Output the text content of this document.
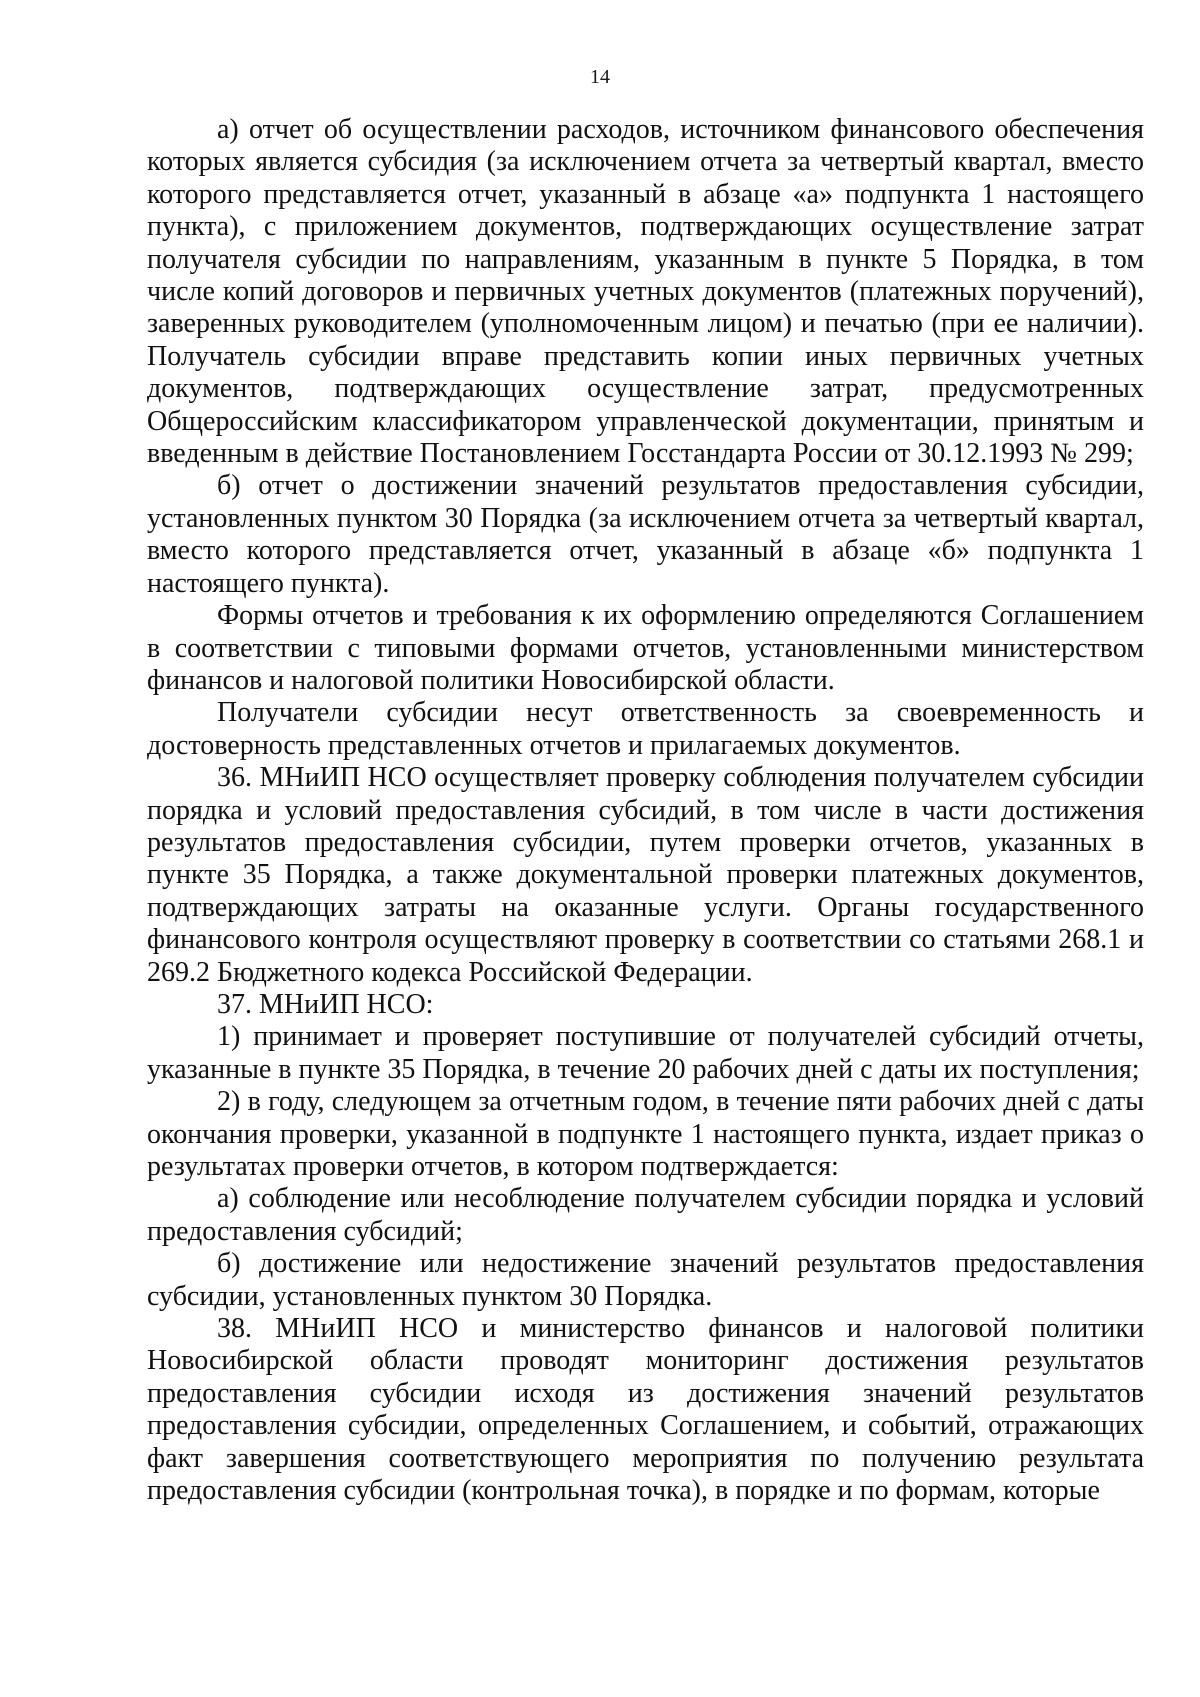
14

а) отчет об осуществлении расходов, источником финансового обеспечения которых является субсидия (за исключением отчета за четвертый квартал, вместо которого представляется отчет, указанный в абзаце «а» подпункта 1 настоящего пункта), с приложением документов, подтверждающих осуществление затрат получателя субсидии по направлениям, указанным в пункте 5 Порядка, в том числе копий договоров и первичных учетных документов (платежных поручений), заверенных руководителем (уполномоченным лицом) и печатью (при ее наличии). Получатель субсидии вправе представить копии иных первичных учетных документов, подтверждающих осуществление затрат, предусмотренных Общероссийским классификатором управленческой документации, принятым и введенным в действие Постановлением Госстандарта России от 30.12.1993 № 299;

б) отчет о достижении значений результатов предоставления субсидии, установленных пунктом 30 Порядка (за исключением отчета за четвертый квартал, вместо которого представляется отчет, указанный в абзаце «б» подпункта 1 настоящего пункта).

Формы отчетов и требования к их оформлению определяются Соглашением в соответствии с типовыми формами отчетов, установленными министерством финансов и налоговой политики Новосибирской области.

Получатели субсидии несут ответственность за своевременность и достоверность представленных отчетов и прилагаемых документов.

36. МНиИП НСО осуществляет проверку соблюдения получателем субсидии порядка и условий предоставления субсидий, в том числе в части достижения результатов предоставления субсидии, путем проверки отчетов, указанных в пункте 35 Порядка, а также документальной проверки платежных документов, подтверждающих затраты на оказанные услуги. Органы государственного финансового контроля осуществляют проверку в соответствии со статьями 268.1 и 269.2 Бюджетного кодекса Российской Федерации.

37. МНиИП НСО:

1) принимает и проверяет поступившие от получателей субсидий отчеты, указанные в пункте 35 Порядка, в течение 20 рабочих дней с даты их поступления;

2) в году, следующем за отчетным годом, в течение пяти рабочих дней с даты окончания проверки, указанной в подпункте 1 настоящего пункта, издает приказ о результатах проверки отчетов, в котором подтверждается:

а) соблюдение или несоблюдение получателем субсидии порядка и условий предоставления субсидий;

б) достижение или недостижение значений результатов предоставления субсидии, установленных пунктом 30 Порядка.

38. МНиИП НСО и министерство финансов и налоговой политики Новосибирской области проводят мониторинг достижения результатов предоставления субсидии исходя из достижения значений результатов предоставления субсидии, определенных Соглашением, и событий, отражающих факт завершения соответствующего мероприятия по получению результата предоставления субсидии (контрольная точка), в порядке и по формам, которые
